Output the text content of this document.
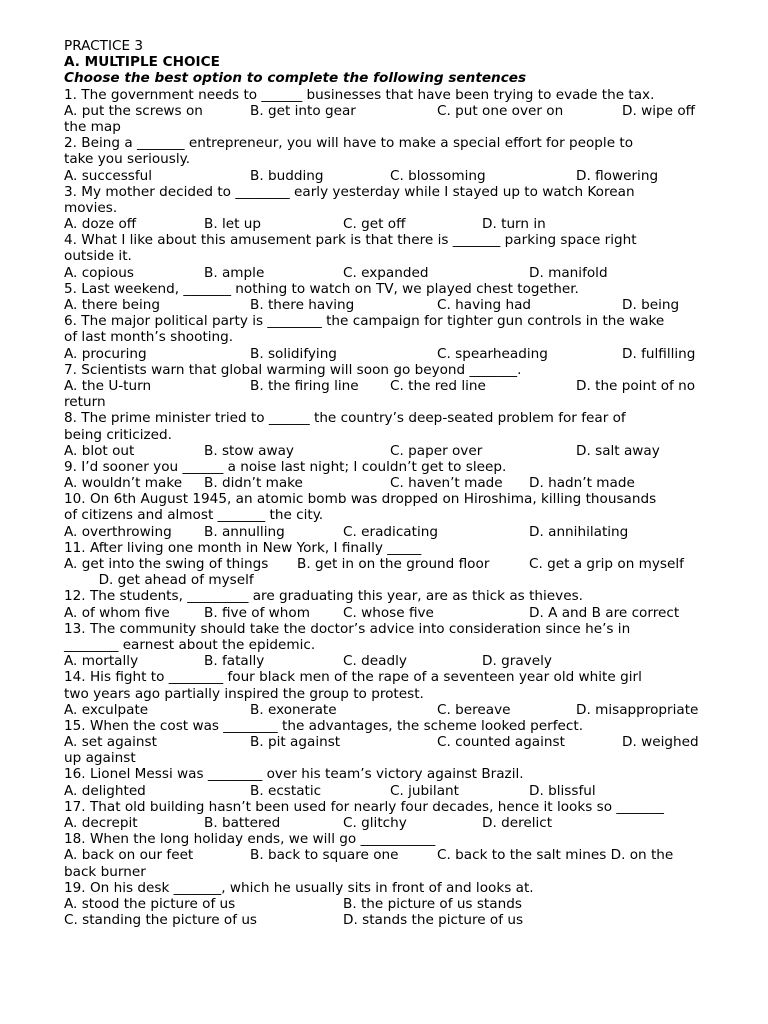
PRACTICE 3
A. MULTIPLE CHOICE
Choose the best option to complete the following sentences
1. The government needs to ______ businesses that have been trying to evade the tax.
A. put the screws on	B. get into gear	C. put one over on	D. wipe off
the map
2. Being a _______ entrepreneur, you will have to make a special effort for people to
take you seriously.
A. successful	B. budding	C. blossoming	D. flowering
3. My mother decided to ________ early yesterday while I stayed up to watch Korean
movies.
A. doze off	B. let up	C. get off	D. turn in
4. What I like about this amusement park is that there is _______ parking space right
outside it.
A. copious	B. ample	C. expanded	D. manifold
5. Last weekend, _______ nothing to watch on TV, we played chest together.
A. there being	B. there having	C. having had	D. being
6. The major political party is ________ the campaign for tighter gun controls in the wake
of last month’s shooting.
A. procuring	B. solidifying	C. spearheading	D. fulfilling
7. Scientists warn that global warming will soon go beyond _______.
A. the U-turn	B. the firing line C. the red line	D. the point of no
return
8. The prime minister tried to ______ the country’s deep-seated problem for fear of
being criticized.
A. blot out	B. stow away	C. paper over	D. salt away
9. I’d sooner you ______ a noise last night; I couldn’t get to sleep.
A. wouldn’t make B. didn’t make	C. haven’t made D. hadn’t made
10. On 6th August 1945, an atomic bomb was dropped on Hiroshima, killing thousands
of citizens and almost _______ the city.
A. overthrowing B. annulling	C. eradicating	D. annihilating
11. After living one month in New York, I finally _____
A. get into the swing of things B. get in on the ground floor	C. get a grip on myself
D. get ahead of myself
12. The students, _________ are graduating this year, are as thick as thieves.
A. of whom five	B. five of whom C. whose five	D. A and B are correct
13. The community should take the doctor’s advice into consideration since he’s in
________ earnest about the epidemic.
A. mortally	B. fatally	C. deadly	D. gravely
14. His fight to ________ four black men of the rape of a seventeen year old white girl
two years ago partially inspired the group to protest.
A. exculpate	B. exonerate	C. bereave	D. misappropriate
15. When the cost was ________ the advantages, the scheme looked perfect.
A. set against	B. pit against	C. counted against	D. weighed
up against
16. Lionel Messi was ________ over his team’s victory against Brazil.
A. delighted	B. ecstatic	C. jubilant	D. blissful
17. That old building hasn’t been used for nearly four decades, hence it looks so _______
A. decrepit	B. battered	C. glitchy	D. derelict
18. When the long holiday ends, we will go ___________
A. back on our feet	B. back to square one	C. back to the salt mines D. on the
back burner
19. On his desk _______, which he usually sits in front of and looks at.
A. stood the picture of us	B. the picture of us stands
C. standing the picture of us	D. stands the picture of us
